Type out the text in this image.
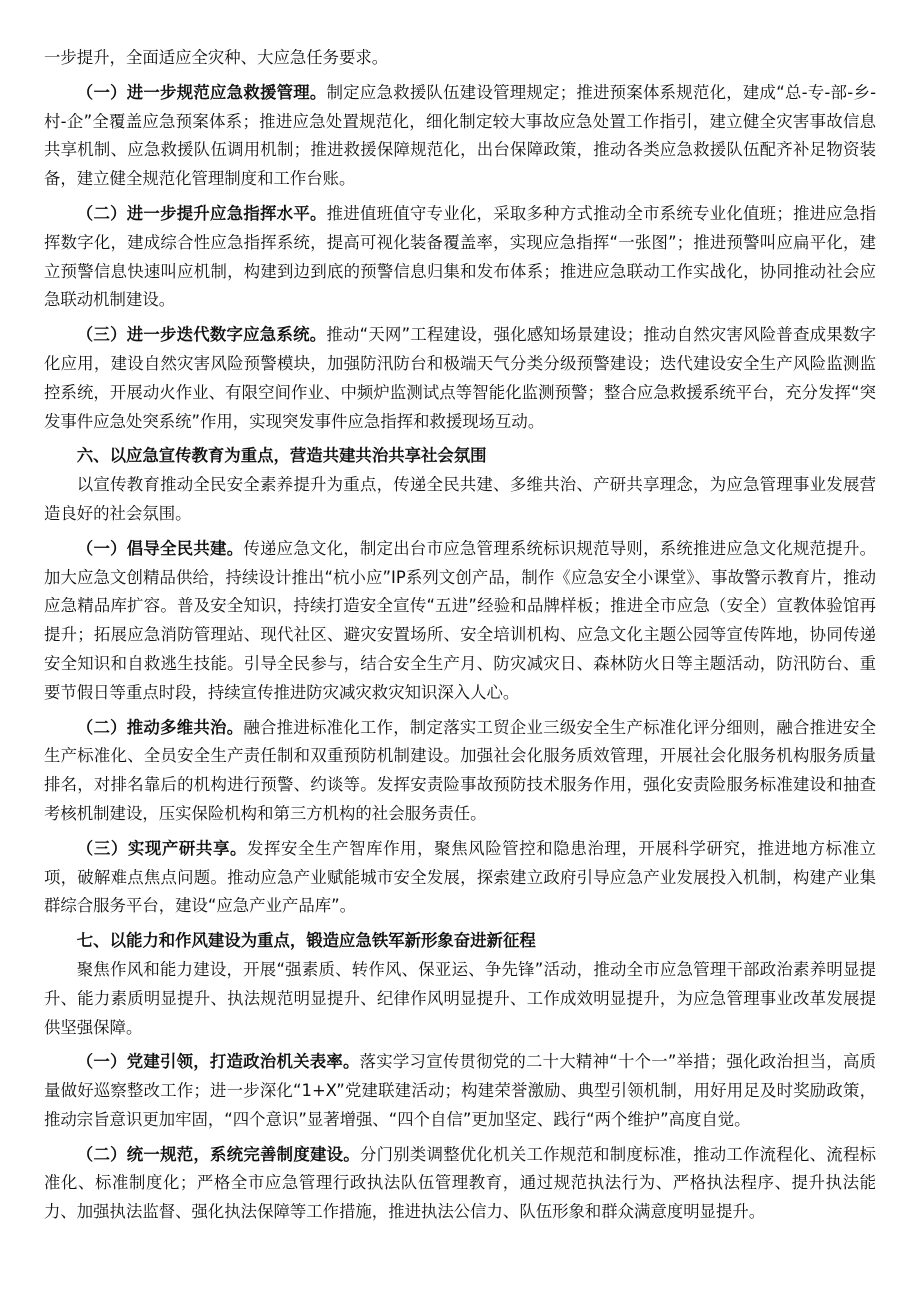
一步提升，全面适应全灾种、大应急任务要求。

（一）进一步规范应急救援管理。制定应急救援队伍建设管理规定；推进预案体系规范化，建成“总-专-部-乡-村-企”全覆盖应急预案体系；推进应急处置规范化，细化制定较大事故应急处置工作指引，建立健全灾害事故信息共享机制、应急救援队伍调用机制；推进救援保障规范化，出台保障政策，推动各类应急救援队伍配齐补足物资装备，建立健全规范化管理制度和工作台账。

（二）进一步提升应急指挥水平。推进值班值守专业化，采取多种方式推动全市系统专业化值班；推进应急指挥数字化，建成综合性应急指挥系统，提高可视化装备覆盖率，实现应急指挥“一张图”；推进预警叫应扁平化，建立预警信息快速叫应机制，构建到边到底的预警信息归集和发布体系；推进应急联动工作实战化，协同推动社会应急联动机制建设。

（三）进一步迭代数字应急系统。推动“天网”工程建设，强化感知场景建设；推动自然灾害风险普查成果数字化应用，建设自然灾害风险预警模块，加强防汛防台和极端天气分类分级预警建设；迭代建设安全生产风险监测监控系统，开展动火作业、有限空间作业、中频炉监测试点等智能化监测预警；整合应急救援系统平台，充分发挥“突发事件应急处突系统”作用，实现突发事件应急指挥和救援现场互动。

六、以应急宣传教育为重点，营造共建共治共享社会氛围

以宣传教育推动全民安全素养提升为重点，传递全民共建、多维共治、产研共享理念，为应急管理事业发展营造良好的社会氛围。

（一）倡导全民共建。传递应急文化，制定出台市应急管理系统标识规范导则，系统推进应急文化规范提升。加大应急文创精品供给，持续设计推出“杭小应”IP系列文创产品，制作《应急安全小课堂》、事故警示教育片，推动应急精品库扩容。普及安全知识，持续打造安全宣传“五进”经验和品牌样板；推进全市应急（安全）宣教体验馆再提升；拓展应急消防管理站、现代社区、避灾安置场所、安全培训机构、应急文化主题公园等宣传阵地，协同传递安全知识和自救逃生技能。引导全民参与，结合安全生产月、防灾减灾日、森林防火日等主题活动，防汛防台、重要节假日等重点时段，持续宣传推进防灾减灾救灾知识深入人心。

（二）推动多维共治。融合推进标准化工作，制定落实工贸企业三级安全生产标准化评分细则，融合推进安全生产标准化、全员安全生产责任制和双重预防机制建设。加强社会化服务质效管理，开展社会化服务机构服务质量排名，对排名靠后的机构进行预警、约谈等。发挥安责险事故预防技术服务作用，强化安责险服务标准建设和抽查考核机制建设，压实保险机构和第三方机构的社会服务责任。

（三）实现产研共享。发挥安全生产智库作用，聚焦风险管控和隐患治理，开展科学研究，推进地方标准立项，破解难点焦点问题。推动应急产业赋能城市安全发展，探索建立政府引导应急产业发展投入机制，构建产业集群综合服务平台，建设“应急产业产品库”。

七、以能力和作风建设为重点，锻造应急铁军新形象奋进新征程

聚焦作风和能力建设，开展“强素质、转作风、保亚运、争先锋”活动，推动全市应急管理干部政治素养明显提升、能力素质明显提升、执法规范明显提升、纪律作风明显提升、工作成效明显提升，为应急管理事业改革发展提供坚强保障。

（一）党建引领，打造政治机关表率。落实学习宣传贯彻党的二十大精神“十个一”举措；强化政治担当，高质量做好巡察整改工作；进一步深化“1+X”党建联建活动；构建荣誉激励、典型引领机制，用好用足及时奖励政策，推动宗旨意识更加牢固，“四个意识”显著增强、“四个自信”更加坚定、践行“两个维护”高度自觉。

（二）统一规范，系统完善制度建设。分门别类调整优化机关工作规范和制度标准，推动工作流程化、流程标准化、标准制度化；严格全市应急管理行政执法队伍管理教育，通过规范执法行为、严格执法程序、提升执法能力、加强执法监督、强化执法保障等工作措施，推进执法公信力、队伍形象和群众满意度明显提升。
